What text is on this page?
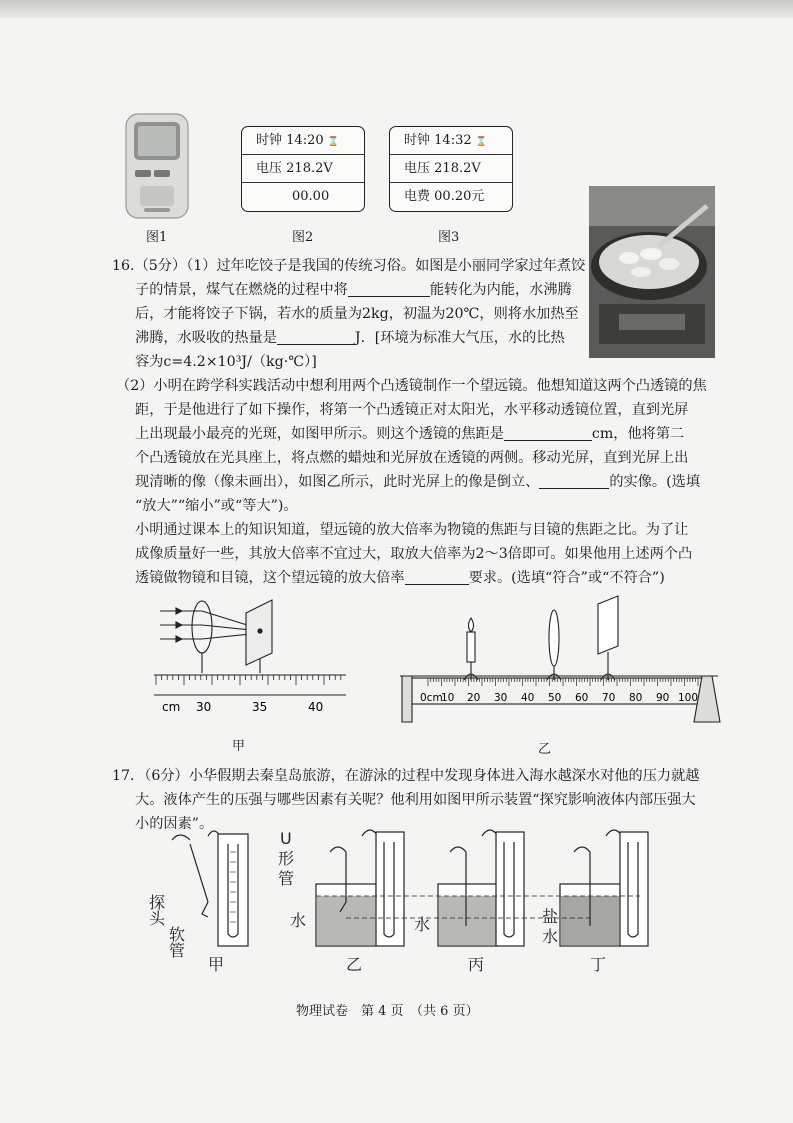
图1
时钟 14:20 ⌛
电压 218.2V
00.00
图2
时钟 14:32 ⌛
电压 218.2V
电费 00.20元
图3
16.（5分）（1）过年吃饺子是我国的传统习俗。如图是小丽同学家过年煮饺
子的情景，煤气在燃烧的过程中将	能转化为内能，水沸腾
后，才能将饺子下锅，若水的质量为2kg，初温为20℃，则将水加热至
沸腾，水吸收的热量是	J．[环境为标准大气压，水的比热
容为c=4.2×10³J/（kg·℃）]
（2）小明在跨学科实践活动中想利用两个凸透镜制作一个望远镜。他想知道这两个凸透镜的焦
距，于是他进行了如下操作，将第一个凸透镜正对太阳光，水平移动透镜位置，直到光屏
上出现最小最亮的光斑，如图甲所示。则这个透镜的焦距是	cm，他将第二
个凸透镜放在光具座上，将点燃的蜡烛和光屏放在透镜的两侧。移动光屏，直到光屏上出
现清晰的像（像未画出），如图乙所示，此时光屏上的像是倒立、	的实像。(选填
“放大”“缩小”或“等大”)。
小明通过课本上的知识知道，望远镜的放大倍率为物镜的焦距与目镜的焦距之比。为了让
成像质量好一些，其放大倍率不宜过大，取放大倍率为2～3倍即可。如果他用上述两个凸
透镜做物镜和目镜，这个望远镜的放大倍率	要求。(选填“符合”或“不符合”)
cm 30	35	40
甲
0cm
10 20 30 40 50 60 70 80 90 100
乙
17．（6分）小华假期去秦皇岛旅游，在游泳的过程中发现身体进入海水越深水对他的压力就越
大。液体产生的压强与哪些因素有关呢？他利用如图甲所示装置“探究影响液体内部压强大
小的因素”。
探头
软管
U
形
管
水	水	盐
水
甲	乙	丙	丁
物理试卷　第 4 页　（共 6 页）
